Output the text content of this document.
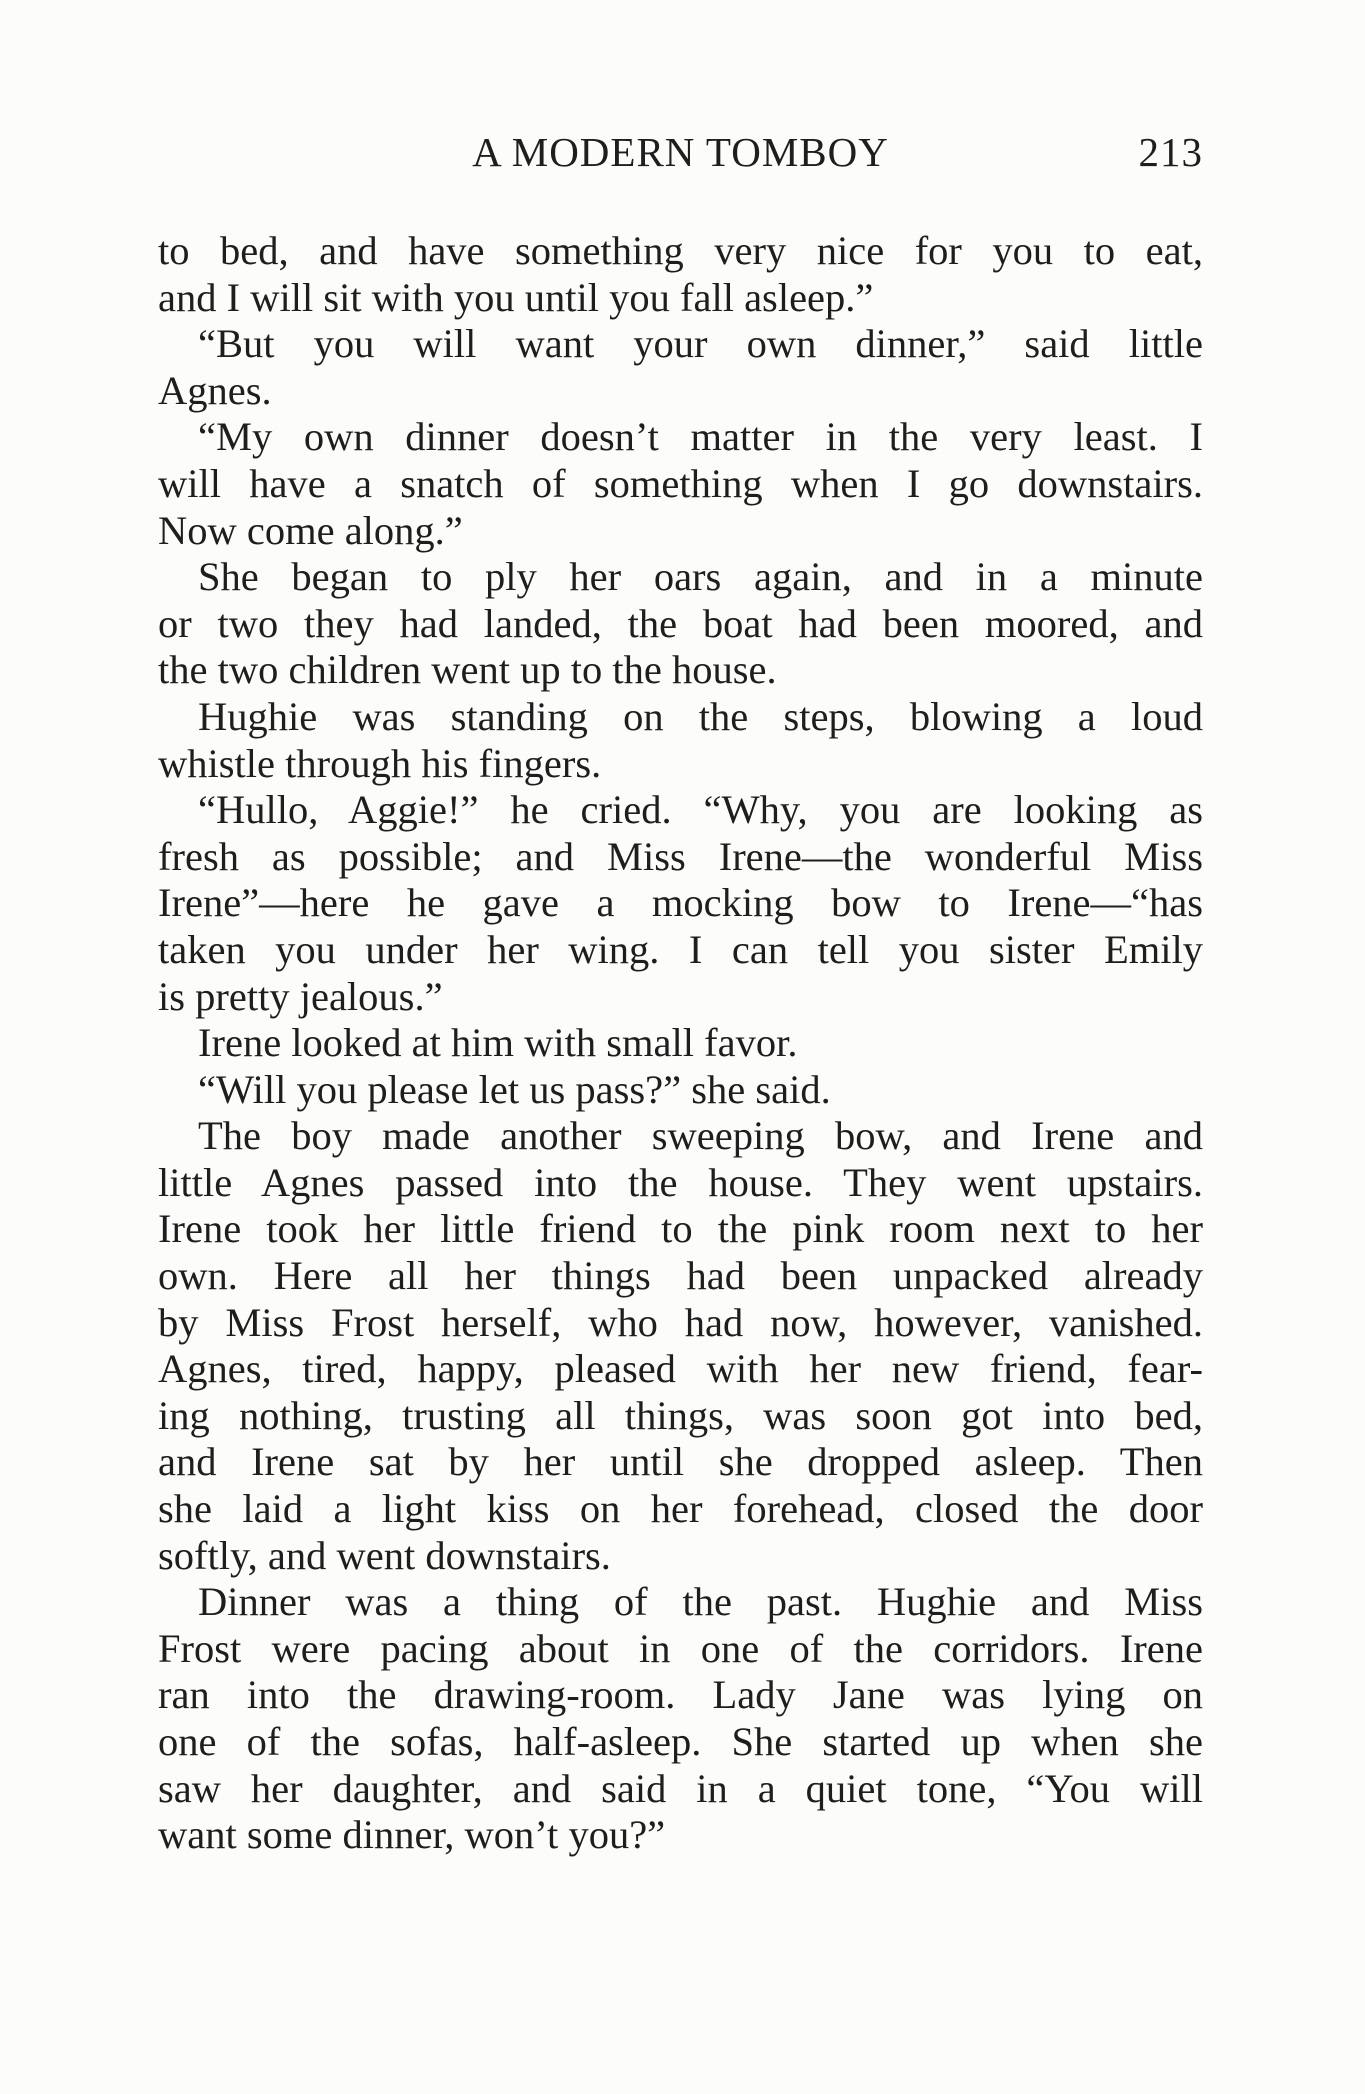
A MODERN TOMBOY	213
to bed, and have something very nice for you to eat,
and I will sit with you until you fall asleep.”
“But you will want your own dinner,” said little
Agnes.
“My own dinner doesn’t matter in the very least. I
will have a snatch of something when I go downstairs.
Now come along.”
She began to ply her oars again, and in a minute
or two they had landed, the boat had been moored, and
the two children went up to the house.
Hughie was standing on the steps, blowing a loud
whistle through his fingers.
“Hullo, Aggie!” he cried. “Why, you are looking as
fresh as possible; and Miss Irene—the wonderful Miss
Irene”—here he gave a mocking bow to Irene—“has
taken you under her wing. I can tell you sister Emily
is pretty jealous.”
Irene looked at him with small favor.
“Will you please let us pass?” she said.
The boy made another sweeping bow, and Irene and
little Agnes passed into the house. They went upstairs.
Irene took her little friend to the pink room next to her
own. Here all her things had been unpacked already
by Miss Frost herself, who had now, however, vanished.
Agnes, tired, happy, pleased with her new friend, fear-
ing nothing, trusting all things, was soon got into bed,
and Irene sat by her until she dropped asleep. Then
she laid a light kiss on her forehead, closed the door
softly, and went downstairs.
Dinner was a thing of the past. Hughie and Miss
Frost were pacing about in one of the corridors. Irene
ran into the drawing-room. Lady Jane was lying on
one of the sofas, half-asleep. She started up when she
saw her daughter, and said in a quiet tone, “You will
want some dinner, won’t you?”
